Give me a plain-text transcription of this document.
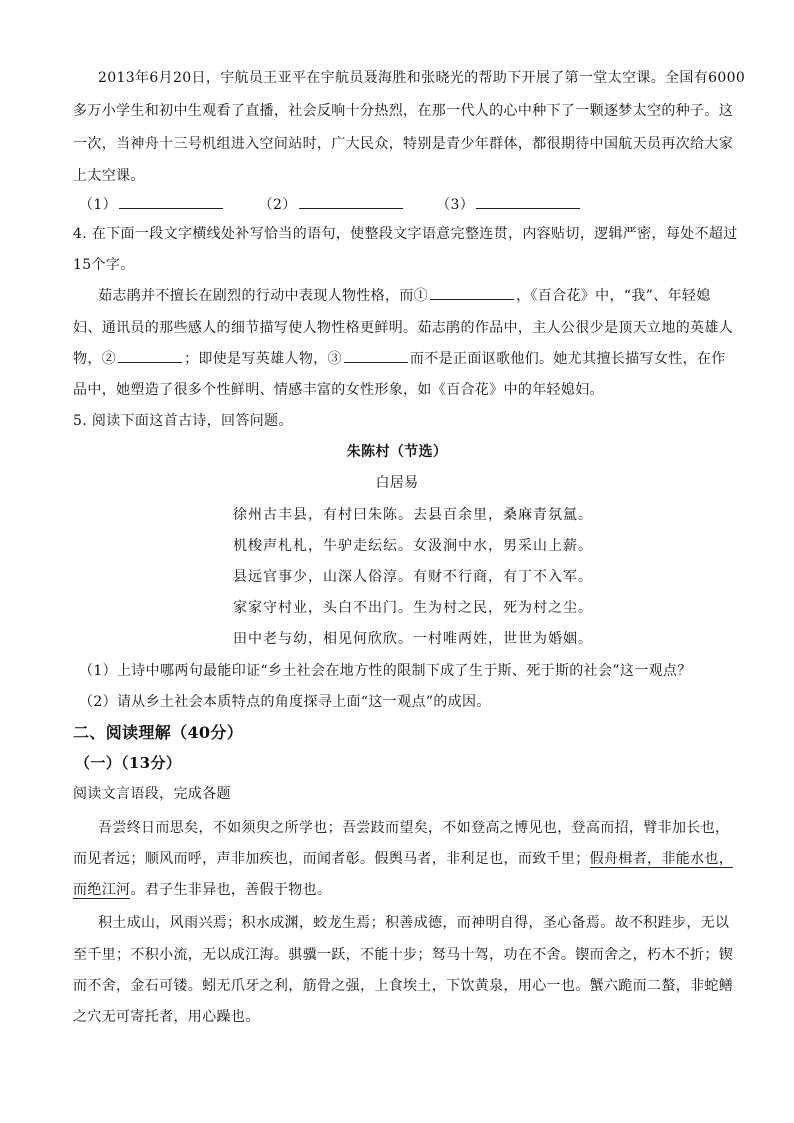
2013年6月20日，宇航员王亚平在宇航员聂海胜和张晓光的帮助下开展了第一堂太空课。全国有6000
多万小学生和初中生观看了直播，社会反响十分热烈，在那一代人的心中种下了一颗逐梦太空的种子。这
一次，当神舟十三号机组进入空间站时，广大民众，特别是青少年群体，都很期待中国航天员再次给大家
上太空课。
（1）	（2）	（3）
4. 在下面一段文字横线处补写恰当的语句，使整段文字语意完整连贯，内容贴切，逻辑严密，每处不超过
15个字。
茹志鹃并不擅长在剧烈的行动中表现人物性格，而①	，《百合花》中，“我”、年轻媳
妇、通讯员的那些感人的细节描写使人物性格更鲜明。茹志鹃的作品中，主人公很少是顶天立地的英雄人
物，②	；即使是写英雄人物，③	而不是正面讴歌他们。她尤其擅长描写女性，在作
品中，她塑造了很多个性鲜明、情感丰富的女性形象，如《百合花》中的年轻媳妇。
5. 阅读下面这首古诗，回答问题。
朱陈村（节选）
白居易
徐州古丰县，有村曰朱陈。去县百余里，桑麻青氛氲。
机梭声札札，牛驴走纭纭。女汲涧中水，男采山上薪。
县远官事少，山深人俗淳。有财不行商，有丁不入军。
家家守村业，头白不出门。生为村之民，死为村之尘。
田中老与幼，相见何欣欣。一村唯两姓，世世为婚姻。
（1）上诗中哪两句最能印证“乡土社会在地方性的限制下成了生于斯、死于斯的社会”这一观点？
（2）请从乡土社会本质特点的角度探寻上面“这一观点”的成因。
二、阅读理解（40分）
（一）（13分）
阅读文言语段，完成各题
吾尝终日而思矣，不如须臾之所学也；吾尝跂而望矣，不如登高之博见也，登高而招，臂非加长也，
而见者远；顺风而呼，声非加疾也，而闻者彰。假舆马者，非利足也，而致千里；假舟楫者，非能水也，
而绝江河。君子生非异也，善假于物也。
积土成山，风雨兴焉；积水成渊，蛟龙生焉；积善成德，而神明自得，圣心备焉。故不积跬步，无以
至千里；不积小流，无以成江海。骐骥一跃，不能十步；驽马十驾，功在不舍。锲而舍之，朽木不折；锲
而不舍，金石可镂。蚓无爪牙之利，筋骨之强，上食埃土，下饮黄泉，用心一也。蟹六跪而二螯，非蛇鳝
之穴无可寄托者，用心躁也。
